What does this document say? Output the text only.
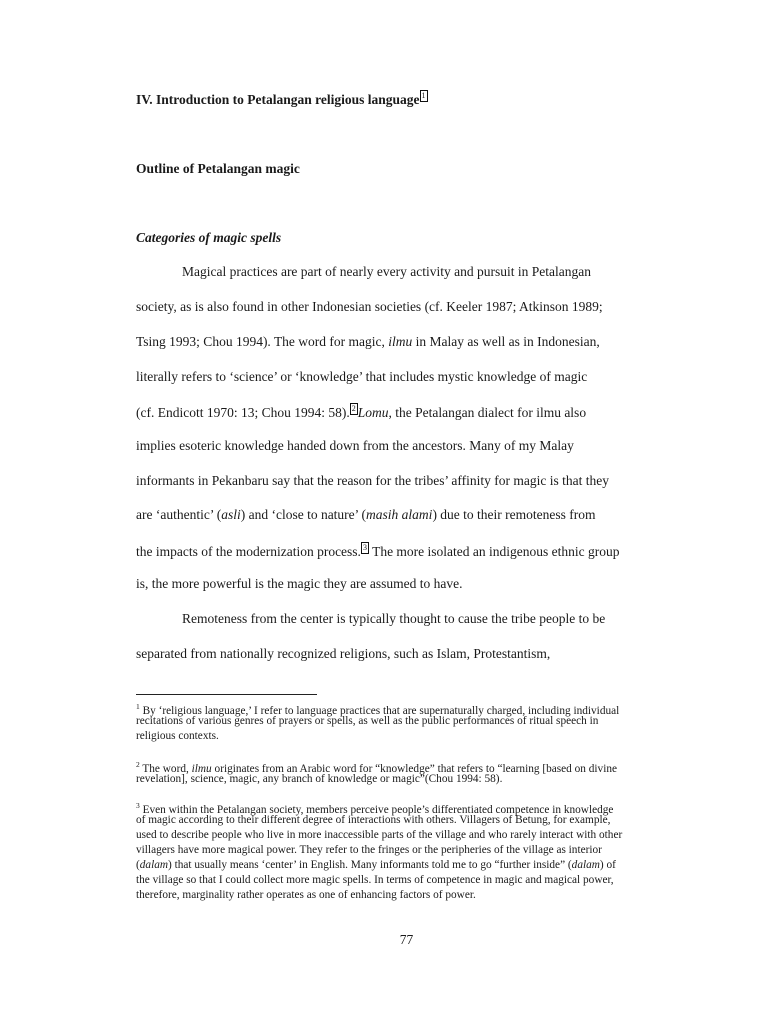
IV. Introduction to Petalangan religious language 1
Outline of Petalangan magic
Categories of magic spells
Magical practices are part of nearly every activity and pursuit in Petalangan
society, as is also found in other Indonesian societies (cf. Keeler 1987; Atkinson 1989;
Tsing 1993; Chou 1994). The word for magic, ilmu in Malay as well as in Indonesian,
literally refers to ‘science’ or ‘knowledge’ that includes mystic knowledge of magic
(cf. Endicott 1970: 13; Chou 1994: 58). 2 Lomu, the Petalangan dialect for ilmu also
implies esoteric knowledge handed down from the ancestors. Many of my Malay
informants in Pekanbaru say that the reason for the tribes’ affinity for magic is that they
are ‘authentic’ (asli) and ‘close to nature’ (masih alami) due to their remoteness from
the impacts of the modernization process. 3 The more isolated an indigenous ethnic group
is, the more powerful is the magic they are assumed to have.
Remoteness from the center is typically thought to cause the tribe people to be
separated from nationally recognized religions, such as Islam, Protestantism,
$^1$ By ‘religious language,’ I refer to language practices that are supernaturally charged, including individual
recitations of various genres of prayers or spells, as well as the public performances of ritual speech in
religious contexts.
$^2$ The word, ilmu originates from an Arabic word for “knowledge” that refers to “learning [based on divine
revelation], science, magic, any branch of knowledge or magic”(Chou 1994: 58).
$^3$ Even within the Petalangan society, members perceive people’s differentiated competence in knowledge
of magic according to their different degree of interactions with others. Villagers of Betung, for example,
used to describe people who live in more inaccessible parts of the village and who rarely interact with other
villagers have more magical power. They refer to the fringes or the peripheries of the village as interior
(dalam) that usually means ‘center’ in English. Many informants told me to go “further inside” (dalam) of
the village so that I could collect more magic spells. In terms of competence in magic and magical power,
therefore, marginality rather operates as one of enhancing factors of power.
77
